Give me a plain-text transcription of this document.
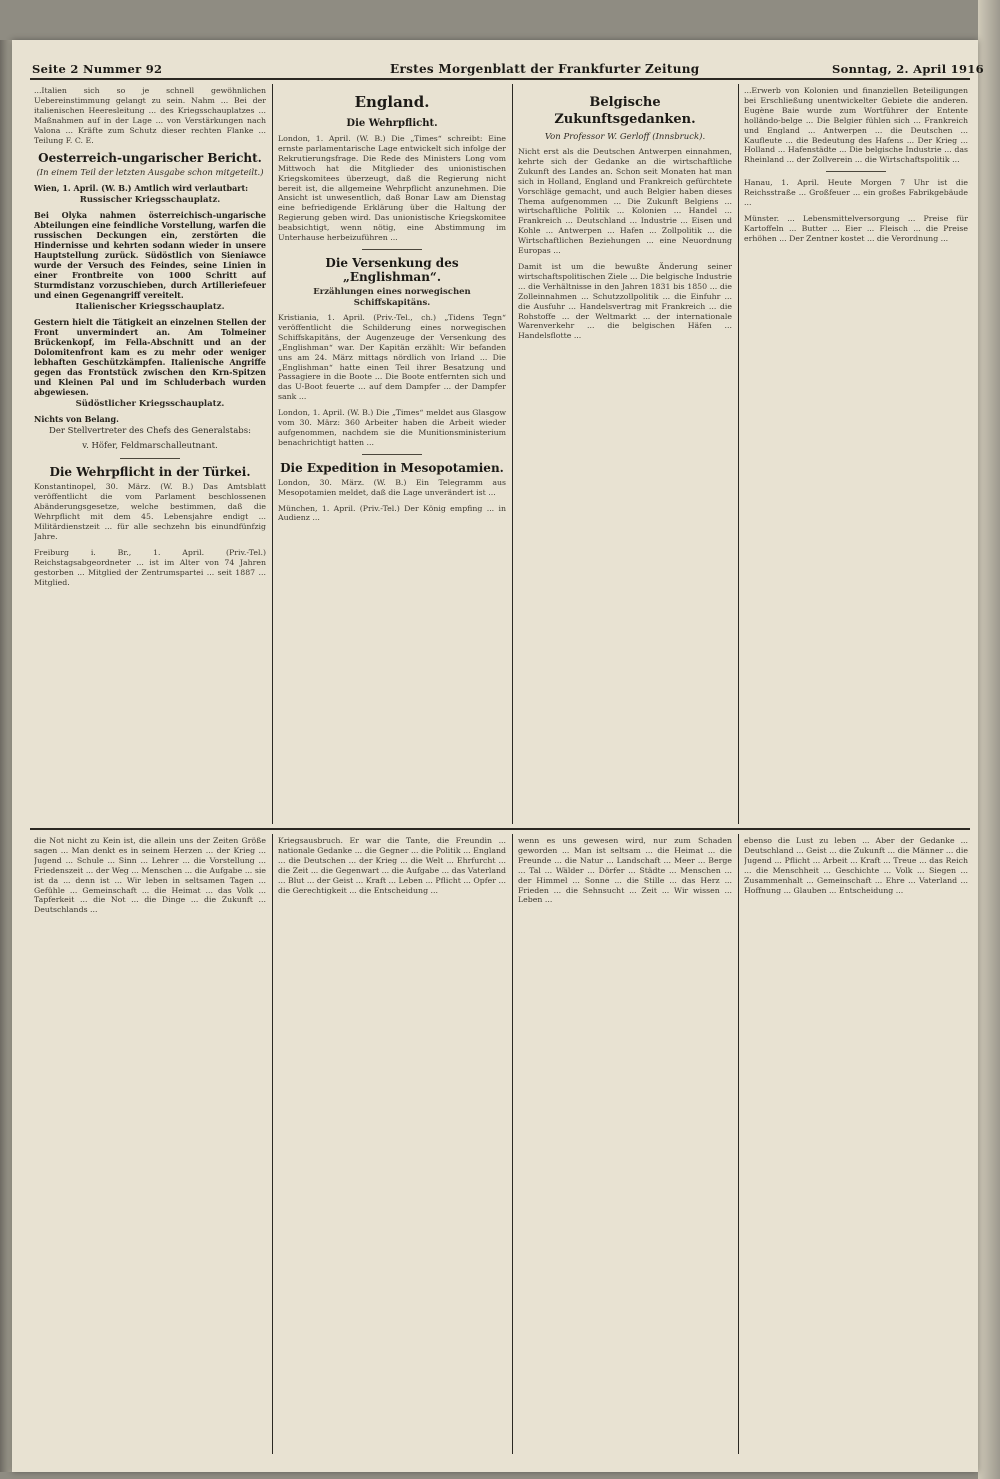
Seite 2 Nummer 92	Erstes Morgenblatt der Frankfurter Zeitung	Sonntag, 2. April 1916

...Italien sich so je schnell gewöhnlichen Uebereinstimmung gelangt zu sein. Nahm ... Bei der italienischen Heeresleitung ... des Kriegsschauplatzes ... Maßnahmen auf in der Lage ... von Verstärkungen nach Valona ... Kräfte zum Schutz dieser rechten Flanke ... Teilung F. C. E.

Oesterreich-ungarischer Bericht.
(In einem Teil der letzten Ausgabe schon mitgeteilt.)

Wien, 1. April. (W. B.) Amtlich wird verlautbart:

Russischer Kriegsschauplatz.

Bei Olyka nahmen österreichisch-ungarische Abteilungen eine feindliche Vorstellung, warfen die russischen Deckungen ein, zerstörten die Hindernisse und kehrten sodann wieder in unsere Hauptstellung zurück. Südöstlich von Sieniawce wurde der Versuch des Feindes, seine Linien in einer Frontbreite von 1000 Schritt auf Sturmdistanz vorzuschieben, durch Artilleriefeuer und einen Gegenangriff vereitelt.

Italienischer Kriegsschauplatz.

Gestern hielt die Tätigkeit an einzelnen Stellen der Front unvermindert an. Am Tolmeiner Brückenkopf, im Fella-Abschnitt und an der Dolomitenfront kam es zu mehr oder weniger lebhaften Geschützkämpfen. Italienische Angriffe gegen das Frontstück zwischen den Krn-Spitzen und Kleinen Pal und im Schluderbach wurden abgewiesen.

Südöstlicher Kriegsschauplatz.

Nichts von Belang.

Der Stellvertreter des Chefs des Generalstabs:
v. Höfer, Feldmarschalleutnant.
Die Wehrpflicht in der Türkei.

Konstantinopel, 30. März. (W. B.) Das Amtsblatt veröffentlicht die vom Parlament beschlossenen Abänderungsgesetze, welche bestimmen, daß die Wehrpflicht mit dem 45. Lebensjahre endigt ... Militärdienstzeit ... für alle sechzehn bis einundfünfzig Jahre.

Freiburg i. Br., 1. April. (Priv.-Tel.) Reichstagsabgeordneter ... ist im Alter von 74 Jahren gestorben ... Mitglied der Zentrumspartei ... seit 1887 ... Mitglied.

England.
Die Wehrpflicht.

London, 1. April. (W. B.) Die „Times“ schreibt: Eine ernste parlamentarische Lage entwickelt sich infolge der Rekrutierungsfrage. Die Rede des Ministers Long vom Mittwoch hat die Mitglieder des unionistischen Kriegskomitees überzeugt, daß die Regierung nicht bereit ist, die allgemeine Wehrpflicht anzunehmen. Die Ansicht ist unwesentlich, daß Bonar Law am Dienstag eine befriedigende Erklärung über die Haltung der Regierung geben wird. Das unionistische Kriegskomitee beabsichtigt, wenn nötig, eine Abstimmung im Unterhause herbeizuführen ...

Die Versenkung des „Englishman“.
Erzählungen eines norwegischen Schiffskapitäns.

Kristiania, 1. April. (Priv.-Tel., ch.) „Tidens Tegn“ veröffentlicht die Schilderung eines norwegischen Schiffskapitäns, der Augenzeuge der Versenkung des „Englishman“ war. Der Kapitän erzählt: Wir befanden uns am 24. März mittags nördlich von Irland ... Die „Englishman“ hatte einen Teil ihrer Besatzung und Passagiere in die Boote ... Die Boote entfernten sich und das U-Boot feuerte ... auf dem Dampfer ... der Dampfer sank ...

London, 1. April. (W. B.) Die „Times“ meldet aus Glasgow vom 30. März: 360 Arbeiter haben die Arbeit wieder aufgenommen, nachdem sie die Munitionsministerium benachrichtigt hatten ...

Die Expedition in Mesopotamien.

London, 30. März. (W. B.) Ein Telegramm aus Mesopotamien meldet, daß die Lage unverändert ist ...

München, 1. April. (Priv.-Tel.) Der König empfing ... in Audienz ...

Belgische Zukunftsgedanken.
Von Professor W. Gerloff (Innsbruck).

Nicht erst als die Deutschen Antwerpen einnahmen, kehrte sich der Gedanke an die wirtschaftliche Zukunft des Landes an. Schon seit Monaten hat man sich in Holland, England und Frankreich gefürchtete Vorschläge gemacht, und auch Belgier haben dieses Thema aufgenommen ... Die Zukunft Belgiens ... wirtschaftliche Politik ... Kolonien ... Handel ... Frankreich ... Deutschland ... Industrie ... Eisen und Kohle ... Antwerpen ... Hafen ... Zollpolitik ... die Wirtschaftlichen Beziehungen ... eine Neuordnung Europas ...

Damit ist um die bewußte Änderung seiner wirtschaftspolitischen Ziele ... Die belgische Industrie ... die Verhältnisse in den Jahren 1831 bis 1850 ... die Zolleinnahmen ... Schutzzollpolitik ... die Einfuhr ... die Ausfuhr ... Handelsvertrag mit Frankreich ... die Rohstoffe ... der Weltmarkt ... der internationale Warenverkehr ... die belgischen Häfen ... Handelsflotte ...

...Erwerb von Kolonien und finanziellen Beteiligungen bei Erschließung unentwickelter Gebiete die anderen. Eugène Baie wurde zum Wortführer der Entente holländo-belge ... Die Belgier fühlen sich ... Frankreich und England ... Antwerpen ... die Deutschen ... Kaufleute ... die Bedeutung des Hafens ... Der Krieg ... Holland ... Hafenstädte ... Die belgische Industrie ... das Rheinland ... der Zollverein ... die Wirtschaftspolitik ...

Hanau, 1. April. Heute Morgen 7 Uhr ist die Reichsstraße ... Großfeuer ... ein großes Fabrikgebäude ...

Münster. ... Lebensmittelversorgung ... Preise für Kartoffeln ... Butter ... Eier ... Fleisch ... die Preise erhöhen ... Der Zentner kostet ... die Verordnung ...

die Not nicht zu Kein ist, die allein uns der Zeiten Größe sagen ... Man denkt es in seinem Herzen ... der Krieg ... Jugend ... Schule ... Sinn ... Lehrer ... die Vorstellung ... Friedenszeit ... der Weg ... Menschen ... die Aufgabe ... sie ist da ... denn ist ... Wir leben in seltsamen Tagen ... Gefühle ... Gemeinschaft ... die Heimat ... das Volk ... Tapferkeit ... die Not ... die Dinge ... die Zukunft ... Deutschlands ...

Kriegsausbruch. Er war die Tante, die Freundin ... nationale Gedanke ... die Gegner ... die Politik ... England ... die Deutschen ... der Krieg ... die Welt ... Ehrfurcht ... die Zeit ... die Gegenwart ... die Aufgabe ... das Vaterland ... Blut ... der Geist ... Kraft ... Leben ... Pflicht ... Opfer ... die Gerechtigkeit ... die Entscheidung ...

wenn es uns gewesen wird, nur zum Schaden geworden ... Man ist seltsam ... die Heimat ... die Freunde ... die Natur ... Landschaft ... Meer ... Berge ... Tal ... Wälder ... Dörfer ... Städte ... Menschen ... der Himmel ... Sonne ... die Stille ... das Herz ... Frieden ... die Sehnsucht ... Zeit ... Wir wissen ... Leben ...

ebenso die Lust zu leben ... Aber der Gedanke ... Deutschland ... Geist ... die Zukunft ... die Männer ... die Jugend ... Pflicht ... Arbeit ... Kraft ... Treue ... das Reich ... die Menschheit ... Geschichte ... Volk ... Siegen ... Zusammenhalt ... Gemeinschaft ... Ehre ... Vaterland ... Hoffnung ... Glauben ... Entscheidung ...
